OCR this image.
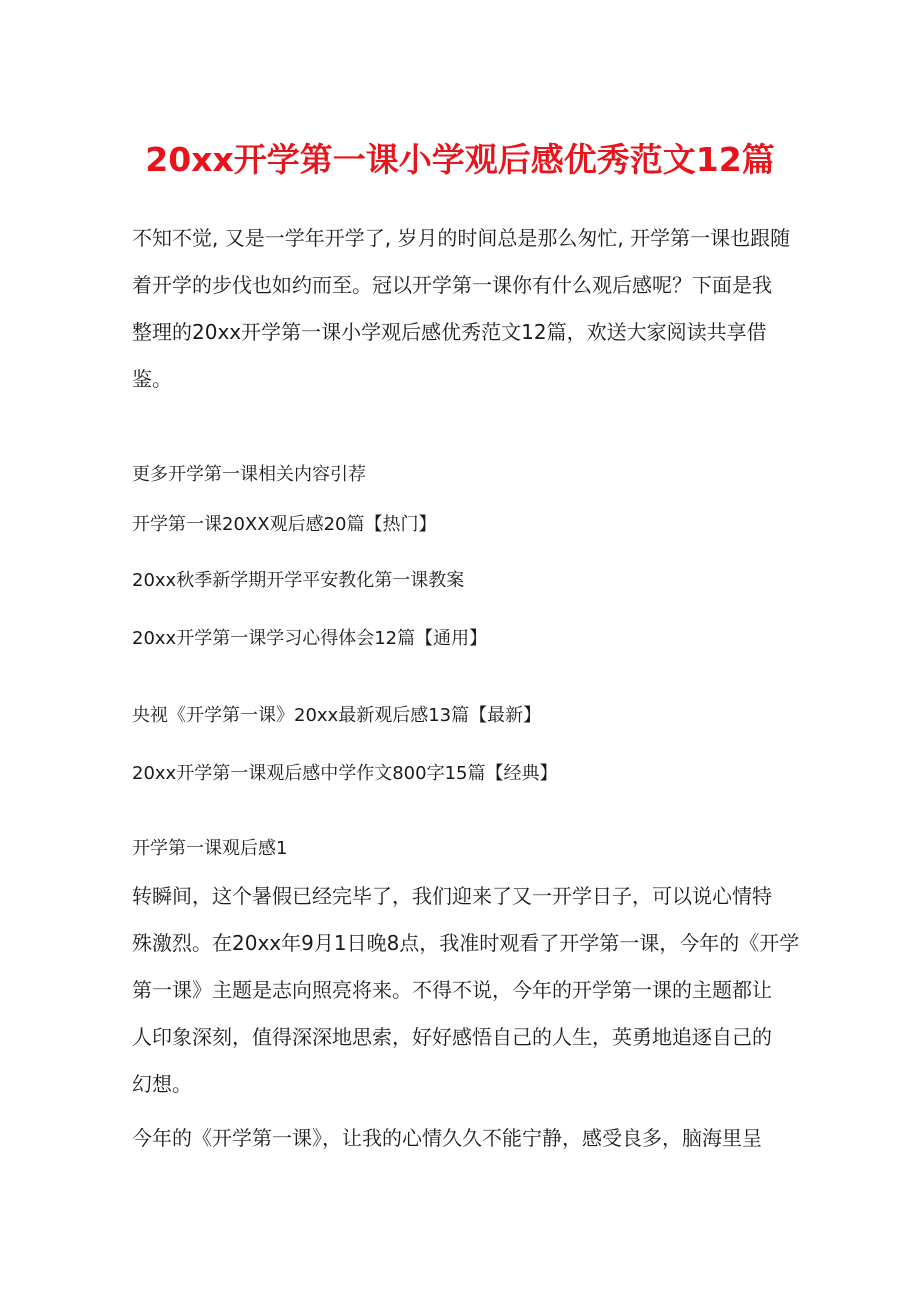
20xx开学第一课小学观后感优秀范文12篇
不知不觉, 又是一学年开学了, 岁月的时间总是那么匆忙, 开学第一课也跟随
着开学的步伐也如约而至。冠以开学第一课你有什么观后感呢？下面是我
整理的20xx开学第一课小学观后感优秀范文12篇，欢送大家阅读共享借
鉴。
更多开学第一课相关内容引荐
开学第一课20XX观后感20篇【热门】
20xx秋季新学期开学平安教化第一课教案
20xx开学第一课学习心得体会12篇【通用】
央视《开学第一课》20xx最新观后感13篇【最新】
20xx开学第一课观后感中学作文800字15篇【经典】
开学第一课观后感1
转瞬间，这个暑假已经完毕了，我们迎来了又一开学日子，可以说心情特
殊激烈。在20xx年9月1日晚8点，我准时观看了开学第一课，今年的《开学
第一课》主题是志向照亮将来。不得不说，今年的开学第一课的主题都让
人印象深刻，值得深深地思索，好好感悟自己的人生，英勇地追逐自己的
幻想。
今年的《开学第一课》，让我的心情久久不能宁静，感受良多，脑海里呈
